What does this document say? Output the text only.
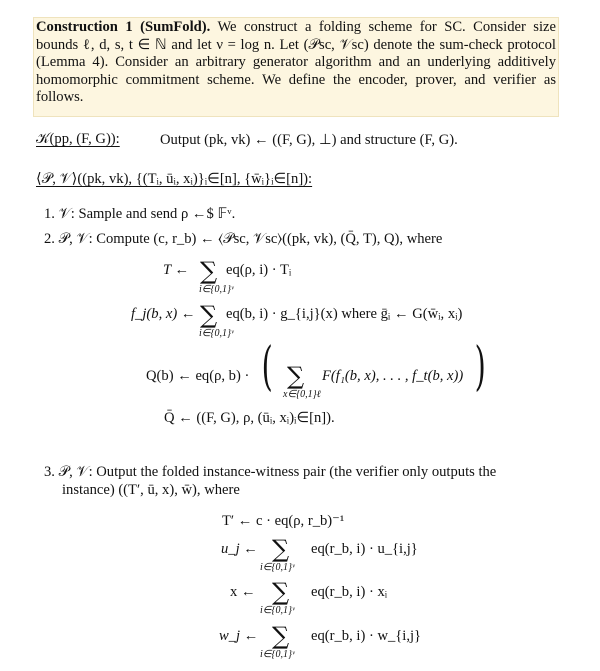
Construction 1 (SumFold). We construct a folding scheme for SC. Consider size bounds ℓ, d, s, t ∈ ℕ and let ν = log n. Let (𝒫sc, 𝒱sc) denote the sum-check protocol (Lemma 4). Consider an arbitrary generator algorithm and an underlying additively homomorphic commitment scheme. We define the encoder, prover, and verifier as follows.
𝒦(pp, (F, G)):	Output (pk, vk) ← ((F, G), ⊥) and structure (F, G).
⟨𝒫, 𝒱⟩((pk, vk), {(Tᵢ, ūᵢ, xᵢ)}ᵢ∈[n], {w̄ᵢ}ᵢ∈[n]):
1. 𝒱: Sample and send ρ ←$ 𝔽ᵛ.
2. 𝒫, 𝒱: Compute (c, r_b) ← ⟨𝒫sc, 𝒱sc⟩((pk, vk), (Q̄, T), Q), where
T ← ∑
i∈{0,1}ᵛ
eq(ρ, i) · Tᵢ
f_j(b, x) ← ∑
i∈{0,1}ᵛ
eq(b, i) · g_{i,j}(x) where ḡᵢ ← G(w̄ᵢ, xᵢ)
Q(b) ← eq(ρ, b) · ( ∑
x∈{0,1}ℓ
F(f₁(b, x), . . . , f_t(b, x)) )
Q̄ ← ((F, G), ρ, (ūᵢ, xᵢ)ᵢ∈[n]).
3. 𝒫, 𝒱: Output the folded instance-witness pair (the verifier only outputs the
instance) ((T′, ū, x), w̄), where
T′ ← c · eq(ρ, r_b)⁻¹
u_j ← ∑
i∈{0,1}ᵛ
eq(r_b, i) · u_{i,j}
x ← ∑
i∈{0,1}ᵛ
eq(r_b, i) · xᵢ
w_j ← ∑
i∈{0,1}ᵛ
eq(r_b, i) · w_{i,j}
